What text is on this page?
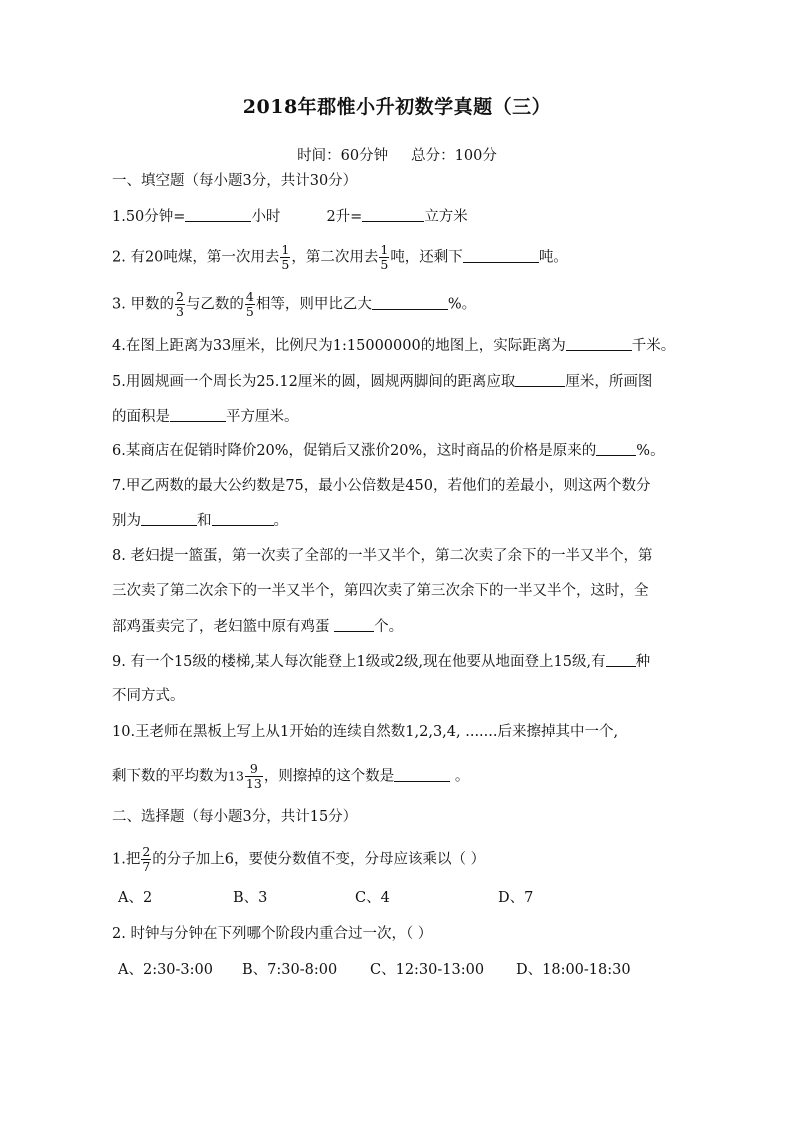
2018年郡惟小升初数学真题（三）
时间：60分钟     总分：100分
一、填空题（每小题3分，共计30分）
1.50分钟=	小时	2升=	立方米
2. 有20吨煤，第一次用去 $\frac{1}{5}$ ，第二次用去 $\frac{1}{5}$ 吨，还剩下	吨。
3. 甲数的 $\frac{2}{3}$ 与乙数的 $\frac{4}{5}$ 相等，则甲比乙大	%。
4.在图上距离为33厘米，比例尺为1:15000000的地图上，实际距离为	千米。
5.用圆规画一个周长为25.12厘米的圆，圆规两脚间的距离应取	厘米，所画图
的面积是	平方厘米。
6.某商店在促销时降价20%，促销后又涨价20%，这时商品的价格是原来的	%。
7.甲乙两数的最大公约数是75，最小公倍数是450，若他们的差最小，则这两个数分
别为	和	。
8. 老妇提一篮蛋，第一次卖了全部的一半又半个，第二次卖了余下的一半又半个，第
三次卖了第二次余下的一半又半个，第四次卖了第三次余下的一半又半个，这时，全
部鸡蛋卖完了，老妇篮中原有鸡蛋	个。
9. 有一个15级的楼梯,某人每次能登上1级或2级,现在他要从地面登上15级,有 种
不同方式。
10.王老师在黑板上写上从1开始的连续自然数1,2,3,4, .......后来擦掉其中一个,
剩下数的平均数为$13 \frac{9}{13}$ ，则擦掉的这个数是	。
二、选择题（每小题3分，共计15分）
1.把 $\frac{2}{7}$ 的分子加上6，要使分数值不变，分母应该乘以（ ）
A、2	B、3	C、4	D、7
2. 时钟与分钟在下列哪个阶段内重合过一次，（ ）
A、2:30-3:00 B、7:30-8:00 C、12:30-13:00 D、18:00-18:30
